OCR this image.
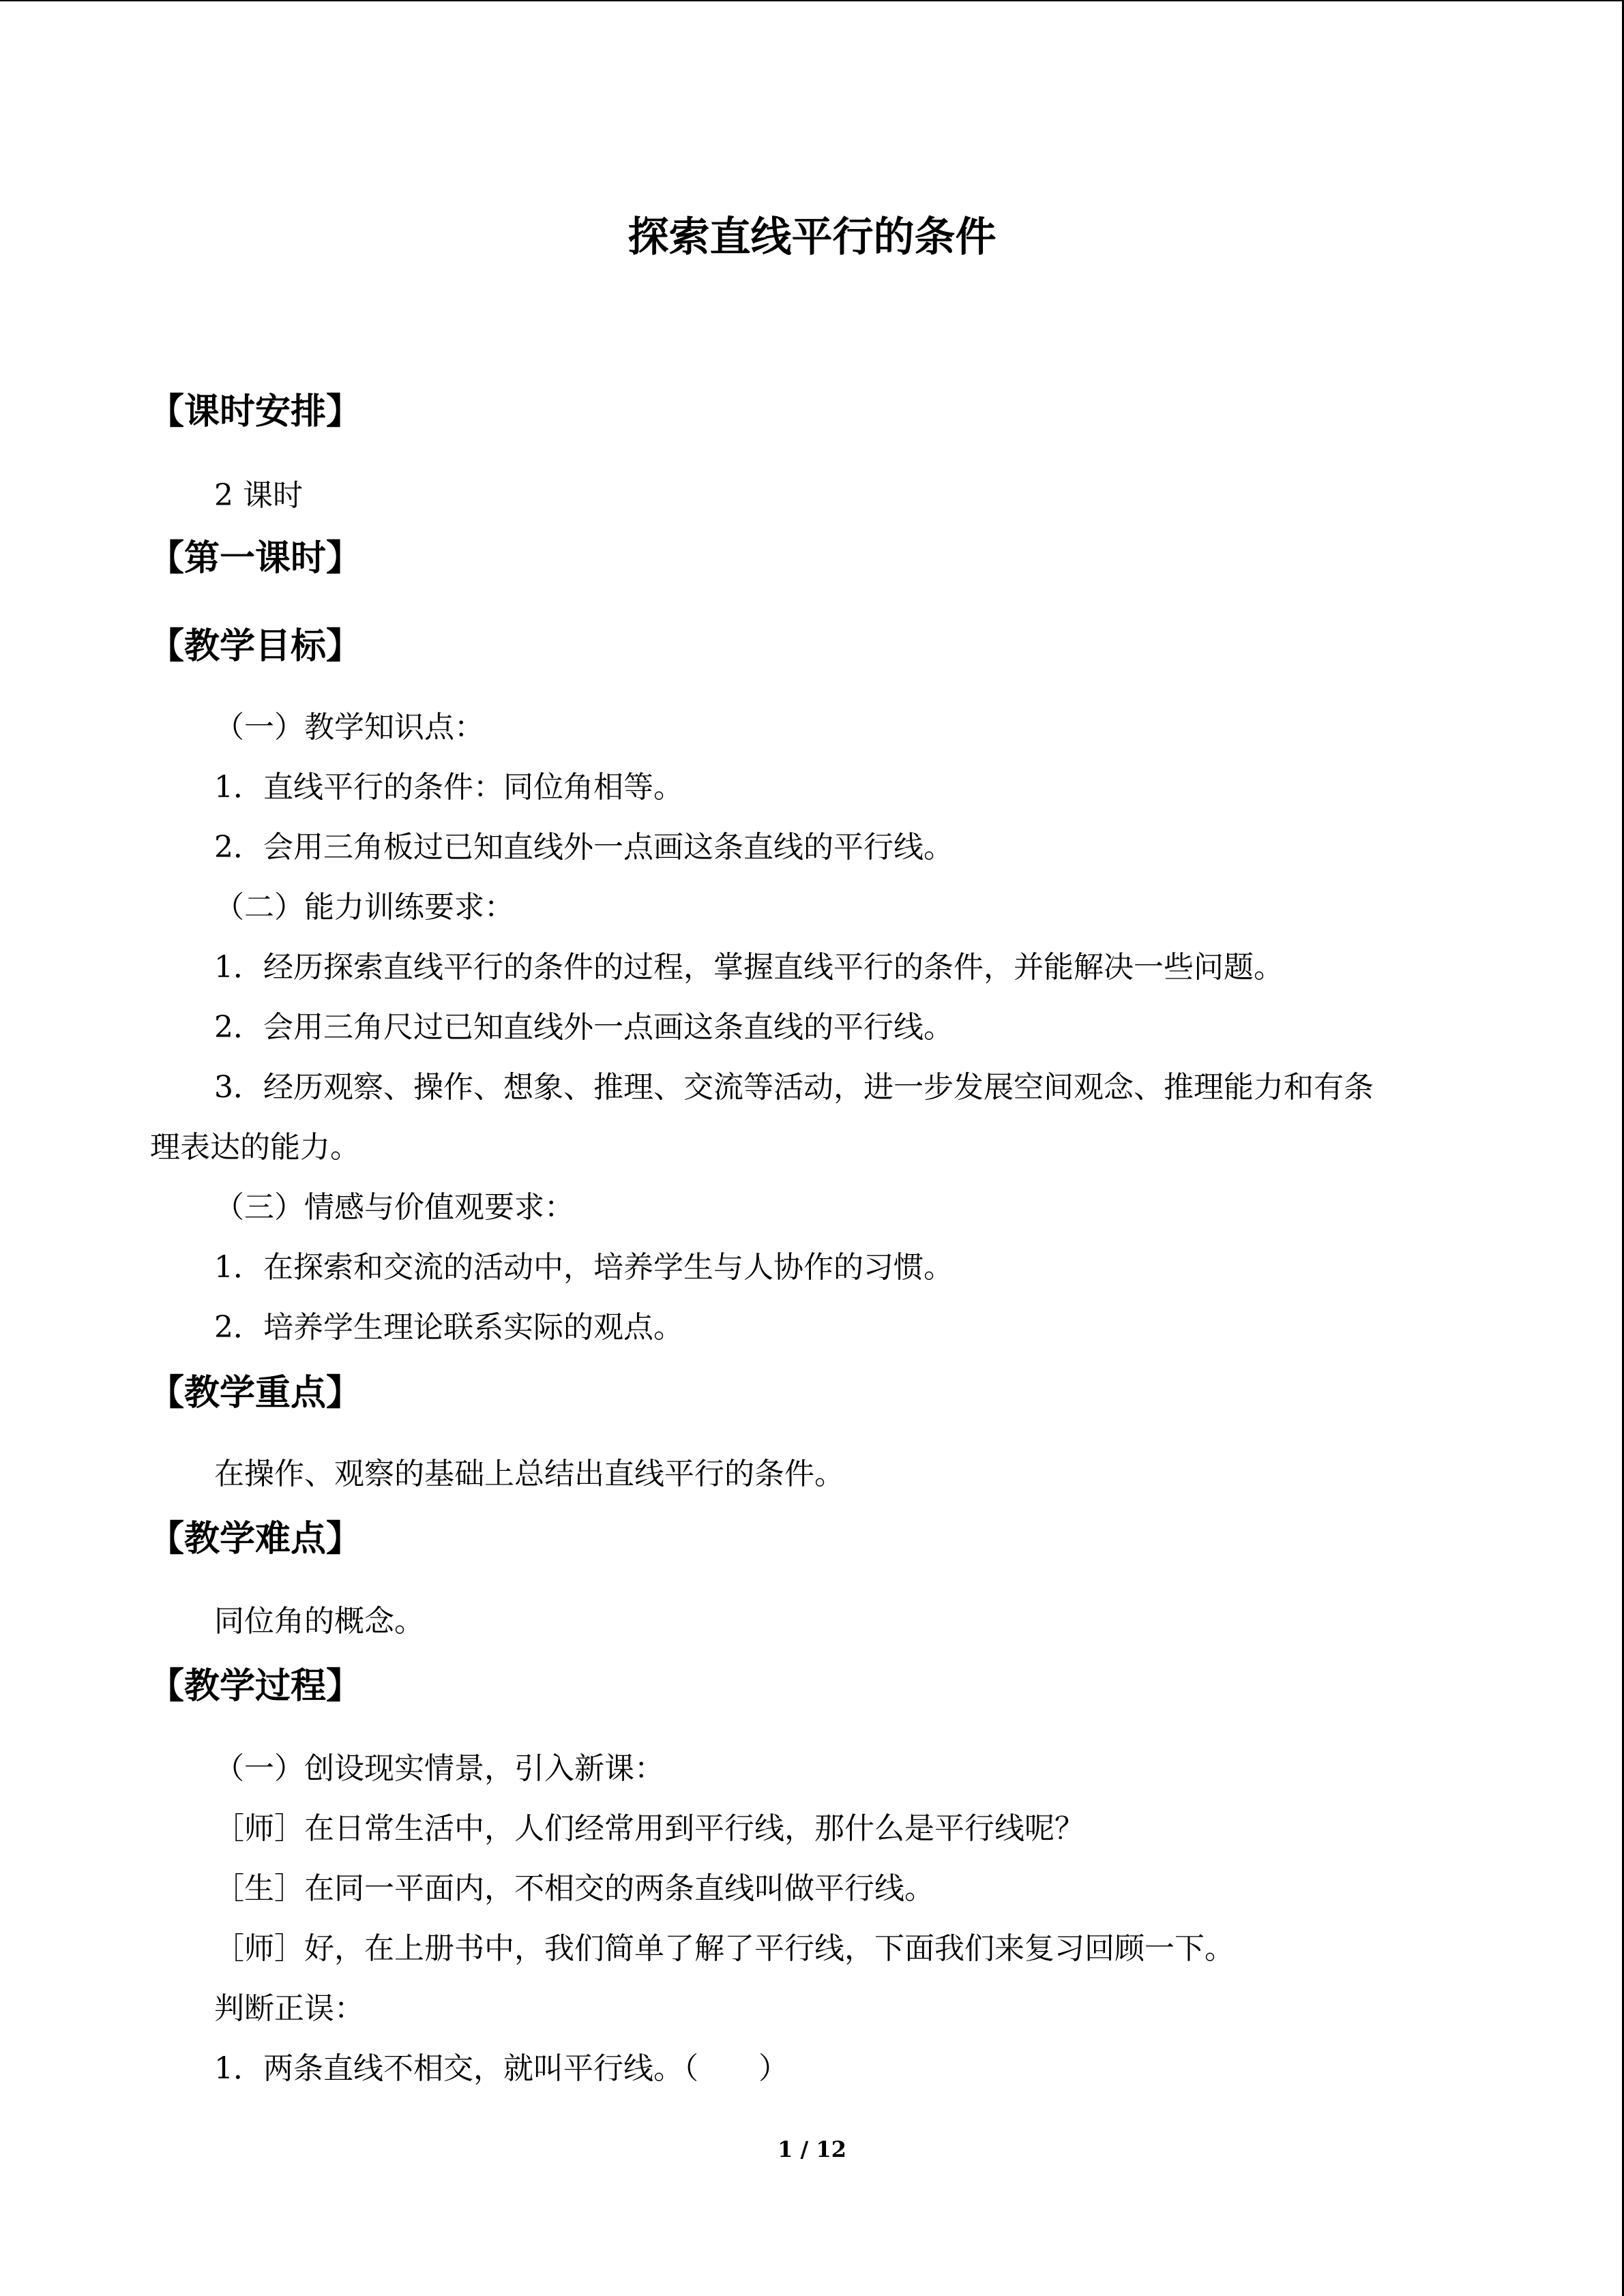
探索直线平行的条件
【课时安排】
2 课时
【第一课时】
【教学目标】
（一）教学知识点：
1．直线平行的条件：同位角相等。
2．会用三角板过已知直线外一点画这条直线的平行线。
（二）能力训练要求：
1．经历探索直线平行的条件的过程，掌握直线平行的条件，并能解决一些问题。
2．会用三角尺过已知直线外一点画这条直线的平行线。
3．经历观察、操作、想象、推理、交流等活动，进一步发展空间观念、推理能力和有条
理表达的能力。
（三）情感与价值观要求：
1．在探索和交流的活动中，培养学生与人协作的习惯。
2．培养学生理论联系实际的观点。
【教学重点】
在操作、观察的基础上总结出直线平行的条件。
【教学难点】
同位角的概念。
【教学过程】
（一）创设现实情景，引入新课：
［师］在日常生活中，人们经常用到平行线，那什么是平行线呢？
［生］在同一平面内，不相交的两条直线叫做平行线。
［师］好，在上册书中，我们简单了解了平行线，下面我们来复习回顾一下。
判断正误：
1．两条直线不相交，就叫平行线。（　　）
1 / 12
